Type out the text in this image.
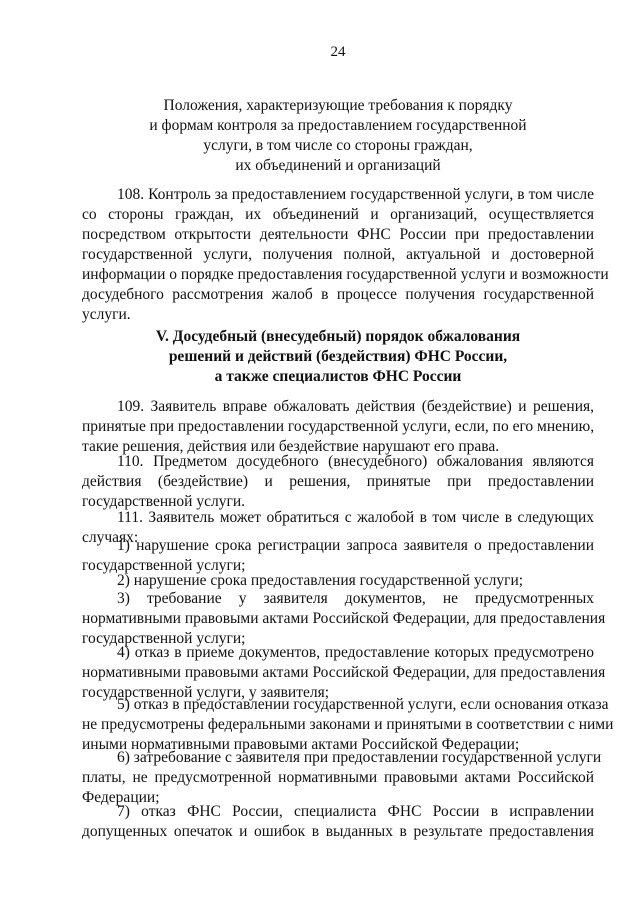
24
Положения, характеризующие требования к порядку
и формам контроля за предоставлением государственной
услуги, в том числе со стороны граждан,
их объединений и организаций
108. Контроль за предоставлением государственной услуги, в том числе
со стороны граждан, их объединений и организаций, осуществляется
посредством открытости деятельности ФНС России при предоставлении
государственной услуги, получения полной, актуальной и достоверной
информации о порядке предоставления государственной услуги и возможности
досудебного рассмотрения жалоб в процессе получения государственной
услуги.
V. Досудебный (внесудебный) порядок обжалования
решений и действий (бездействия) ФНС России,
а также специалистов ФНС России
109. Заявитель вправе обжаловать действия (бездействие) и решения,
принятые при предоставлении государственной услуги, если, по его мнению,
такие решения, действия или бездействие нарушают его права.
110. Предметом досудебного (внесудебного) обжалования являются
действия (бездействие) и решения, принятые при предоставлении
государственной услуги.
111. Заявитель может обратиться с жалобой в том числе в следующих
случаях:
1) нарушение срока регистрации запроса заявителя о предоставлении
государственной услуги;
2) нарушение срока предоставления государственной услуги;
3) требование у заявителя документов, не предусмотренных
нормативными правовыми актами Российской Федерации, для предоставления
государственной услуги;
4) отказ в приеме документов, предоставление которых предусмотрено
нормативными правовыми актами Российской Федерации, для предоставления
государственной услуги, у заявителя;
5) отказ в предоставлении государственной услуги, если основания отказа
не предусмотрены федеральными законами и принятыми в соответствии с ними
иными нормативными правовыми актами Российской Федерации;
6) затребование с заявителя при предоставлении государственной услуги
платы, не предусмотренной нормативными правовыми актами Российской
Федерации;
7) отказ ФНС России, специалиста ФНС России в исправлении
допущенных опечаток и ошибок в выданных в результате предоставления
